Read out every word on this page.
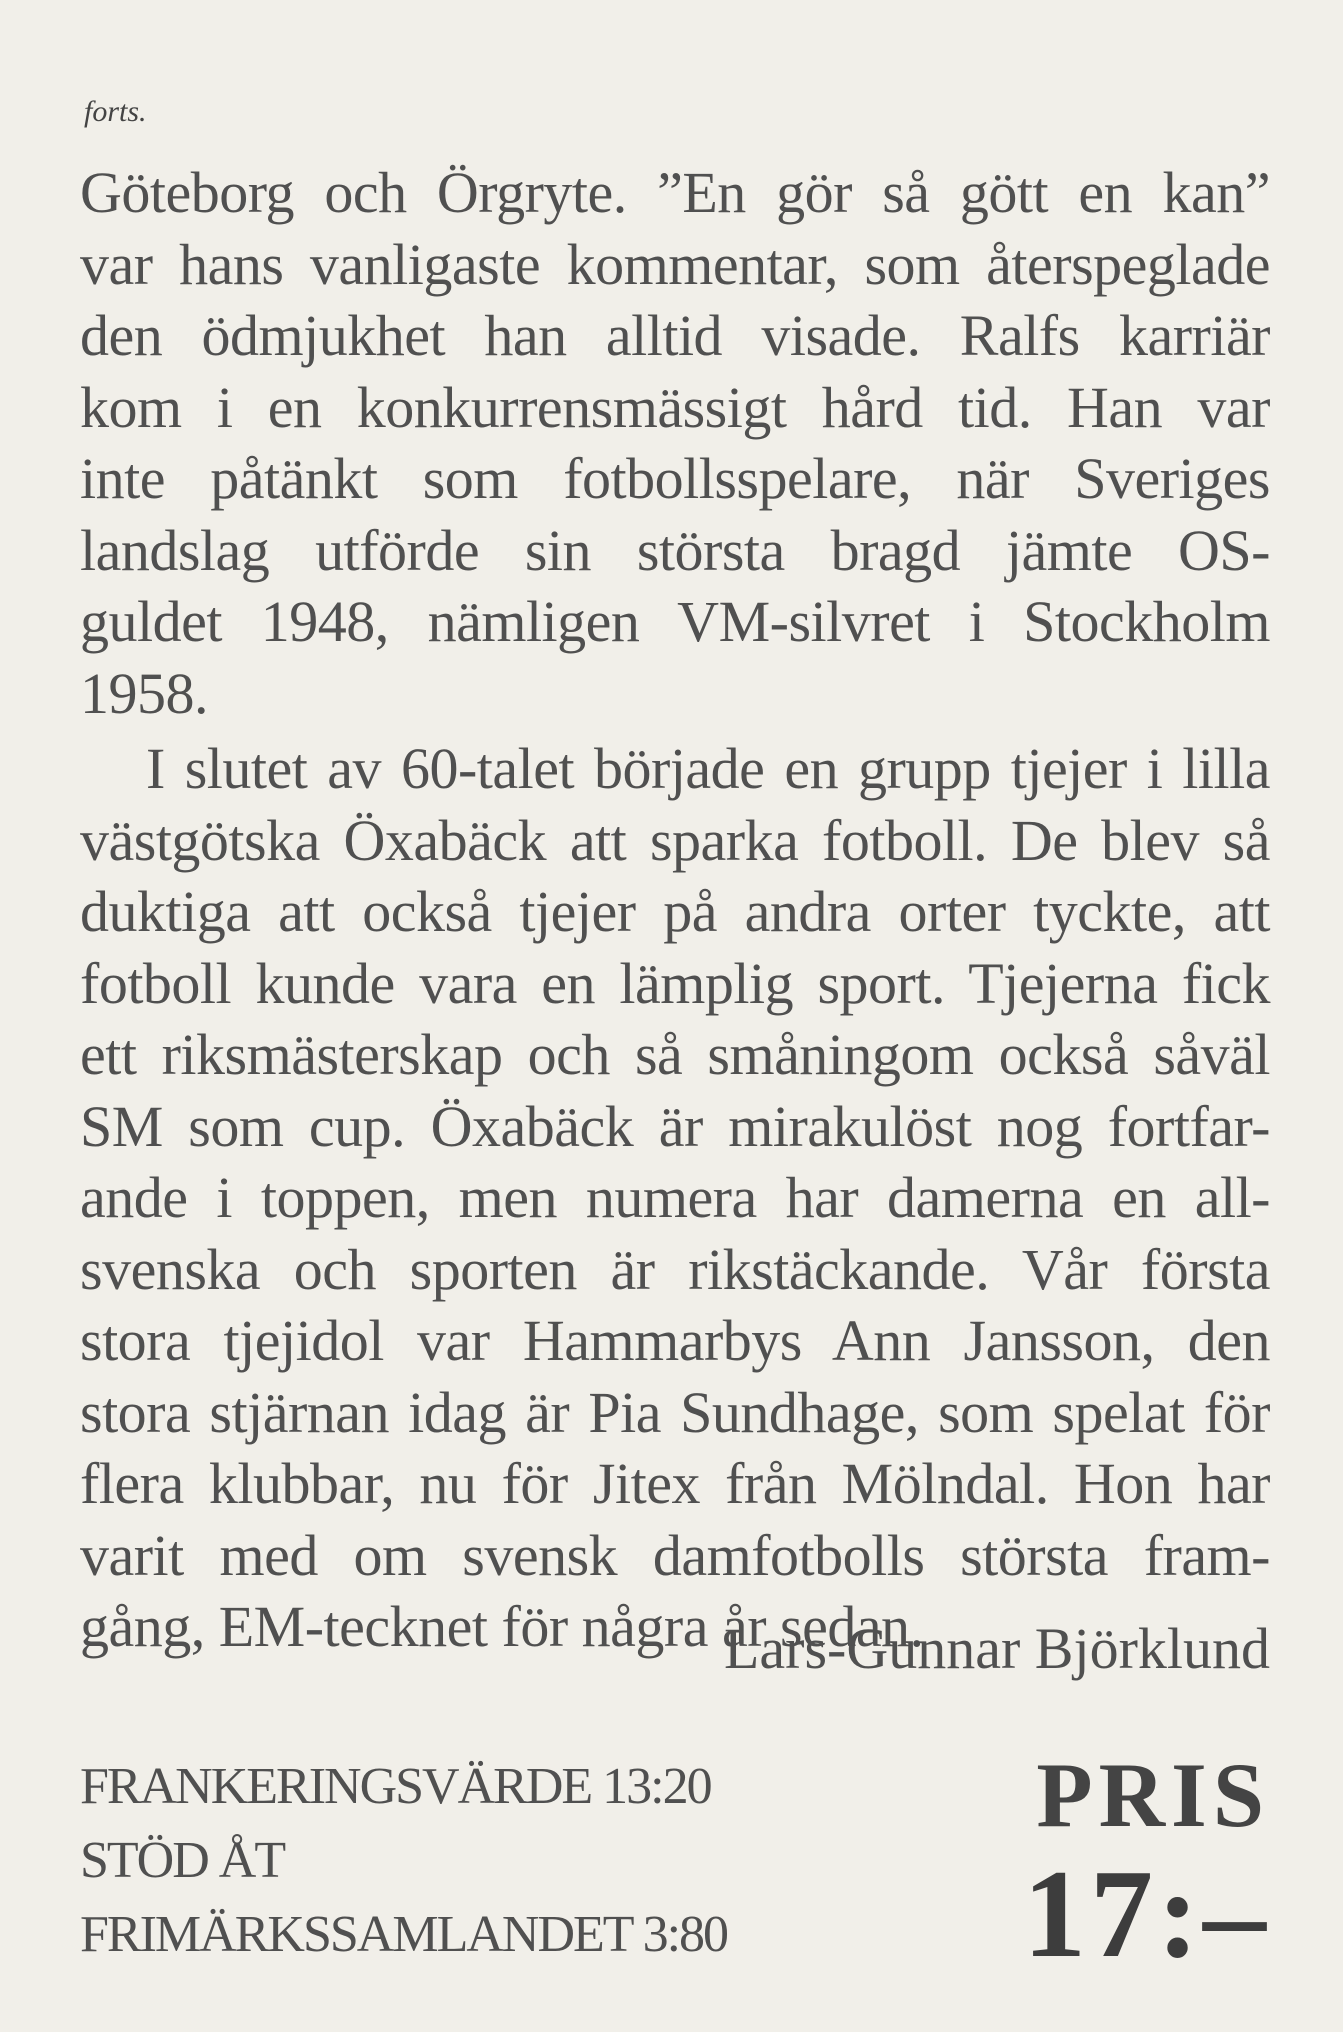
forts.
Göteborg och Örgryte. ”En gör så gött en kan”
var hans vanligaste kommentar, som återspeglade
den ödmjukhet han alltid visade. Ralfs karriär
kom i en konkurrensmässigt hård tid. Han var
inte påtänkt som fotbollsspelare, när Sveriges
landslag utförde sin största bragd jämte OS-
guldet 1948, nämligen VM-silvret i Stockholm
1958.
I slutet av 60-talet började en grupp tjejer i lilla
västgötska Öxabäck att sparka fotboll. De blev så
duktiga att också tjejer på andra orter tyckte, att
fotboll kunde vara en lämplig sport. Tjejerna fick
ett riksmästerskap och så småningom också såväl
SM som cup. Öxabäck är mirakulöst nog fortfar-
ande i toppen, men numera har damerna en all-
svenska och sporten är rikstäckande. Vår första
stora tjejidol var Hammarbys Ann Jansson, den
stora stjärnan idag är Pia Sundhage, som spelat för
flera klubbar, nu för Jitex från Mölndal. Hon har
varit med om svensk damfotbolls största fram-
gång, EM-tecknet för några år sedan.
Lars-Gunnar Björklund
FRANKERINGSVÄRDE 13:20
STÖD ÅT
FRIMÄRKSSAMLANDET 3:80
PRIS
17:–
